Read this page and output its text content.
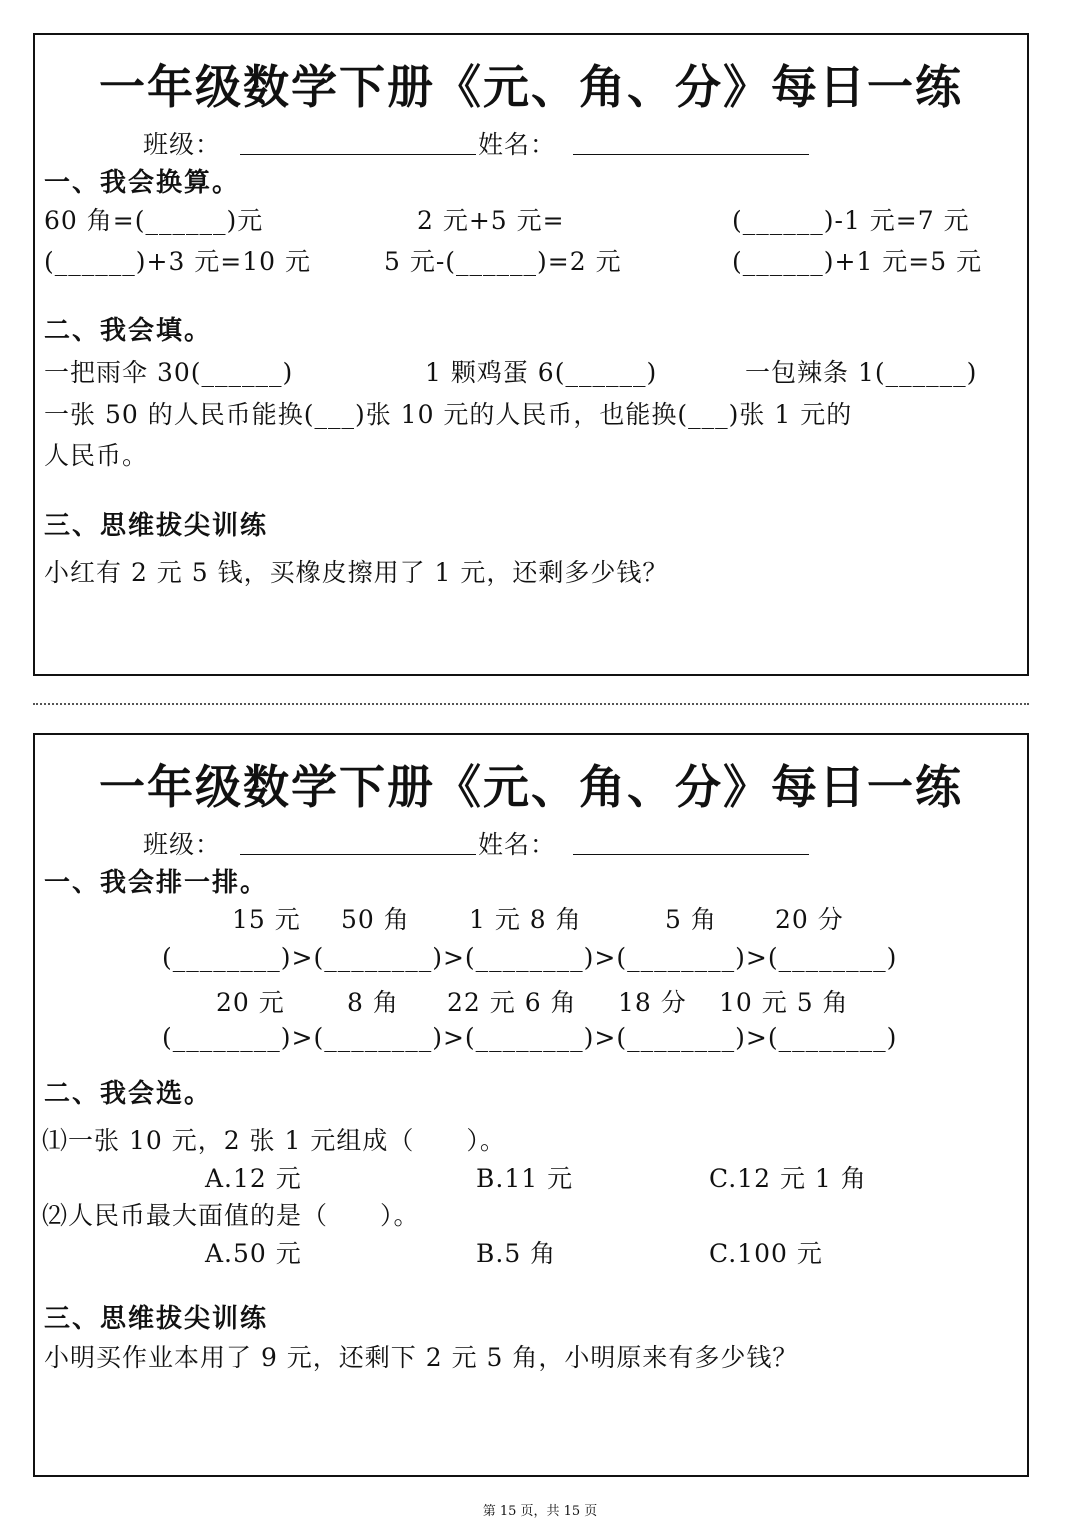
一年级数学下册《元、角、分》每日一练
班级：	姓名：
一、我会换算。
60 角=(______)元	2 元+5 元=	(______)-1 元=7 元
(______)+3 元=10 元	5 元-(______)=2 元	(______)+1 元=5 元
二、我会填。
一把雨伞 30(______)	1 颗鸡蛋 6(______)	一包辣条 1(______)
一张 50 的人民币能换(___)张 10 元的人民币，也能换(___)张 1 元的
人民币。
三、思维拔尖训练
小红有 2 元 5 钱，买橡皮擦用了 1 元，还剩多少钱？
一年级数学下册《元、角、分》每日一练
班级：	姓名：
一、我会排一排。
15 元 50 角 1 元 8 角	5 角 20 分
(________)>(________)>(________)>(________)>(________)
20 元 8 角 22 元 6 角 18 分 10 元 5 角
(________)>(________)>(________)>(________)>(________)
二、我会选。
⑴一张 10 元，2 张 1 元组成（　　）。
A.12 元	B.11 元	C.12 元 1 角
⑵人民币最大面值的是（　　）。
A.50 元	B.5 角	C.100 元
三、思维拔尖训练
小明买作业本用了 9 元，还剩下 2 元 5 角，小明原来有多少钱？
第 15 页，共 15 页
